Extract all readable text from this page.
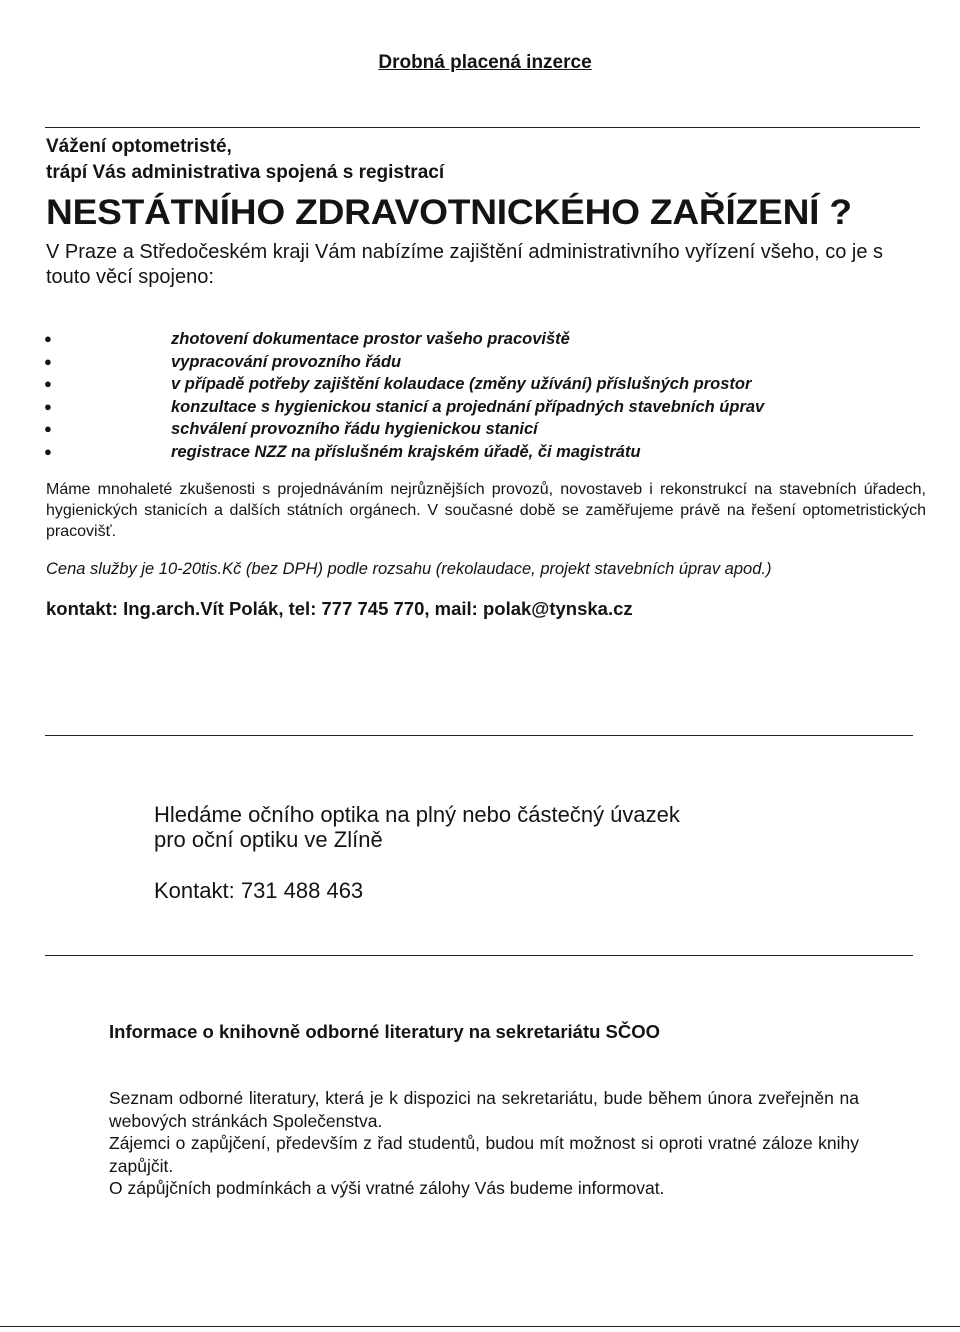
Drobná placená inzerce
Vážení optometristé,
trápí Vás administrativa spojená s registrací
NESTÁTNÍHO ZDRAVOTNICKÉHO ZAŘÍZENÍ ?
V Praze a Středočeském kraji Vám nabízíme zajištění administrativního vyřízení všeho, co je s touto věcí spojeno:
●	zhotovení dokumentace prostor vašeho pracoviště
●	vypracování provozního řádu
●	v případě potřeby zajištění kolaudace (změny užívání) příslušných prostor
●	konzultace s hygienickou stanicí a projednání případných stavebních úprav
●	schválení provozního řádu hygienickou stanicí
●	registrace NZZ na příslušném krajském úřadě, či magistrátu
Máme mnohaleté zkušenosti s projednáváním nejrůznějších provozů, novostaveb i rekonstrukcí na stavebních úřadech, hygienických stanicích a dalších státních orgánech. V současné době se zaměřujeme právě na řešení optometristických pracovišť.
Cena služby je 10-20tis.Kč (bez DPH) podle rozsahu (rekolaudace, projekt stavebních úprav apod.)
kontakt: Ing.arch.Vít Polák, tel: 777 745 770, mail: polak@tynska.cz
Hledáme očního optika na plný nebo částečný úvazek
pro oční optiku ve Zlíně
Kontakt: 731 488 463
Informace o knihovně odborné literatury na sekretariátu SČOO

Seznam odborné literatury, která je k dispozici na sekretariátu, bude během února zveřejněn na webových stránkách Společenstva.

Zájemci o zapůjčení, především z řad studentů, budou mít možnost si oproti vratné záloze knihy zapůjčit.

O zápůjčních podmínkách a výši vratné zálohy Vás budeme informovat.
